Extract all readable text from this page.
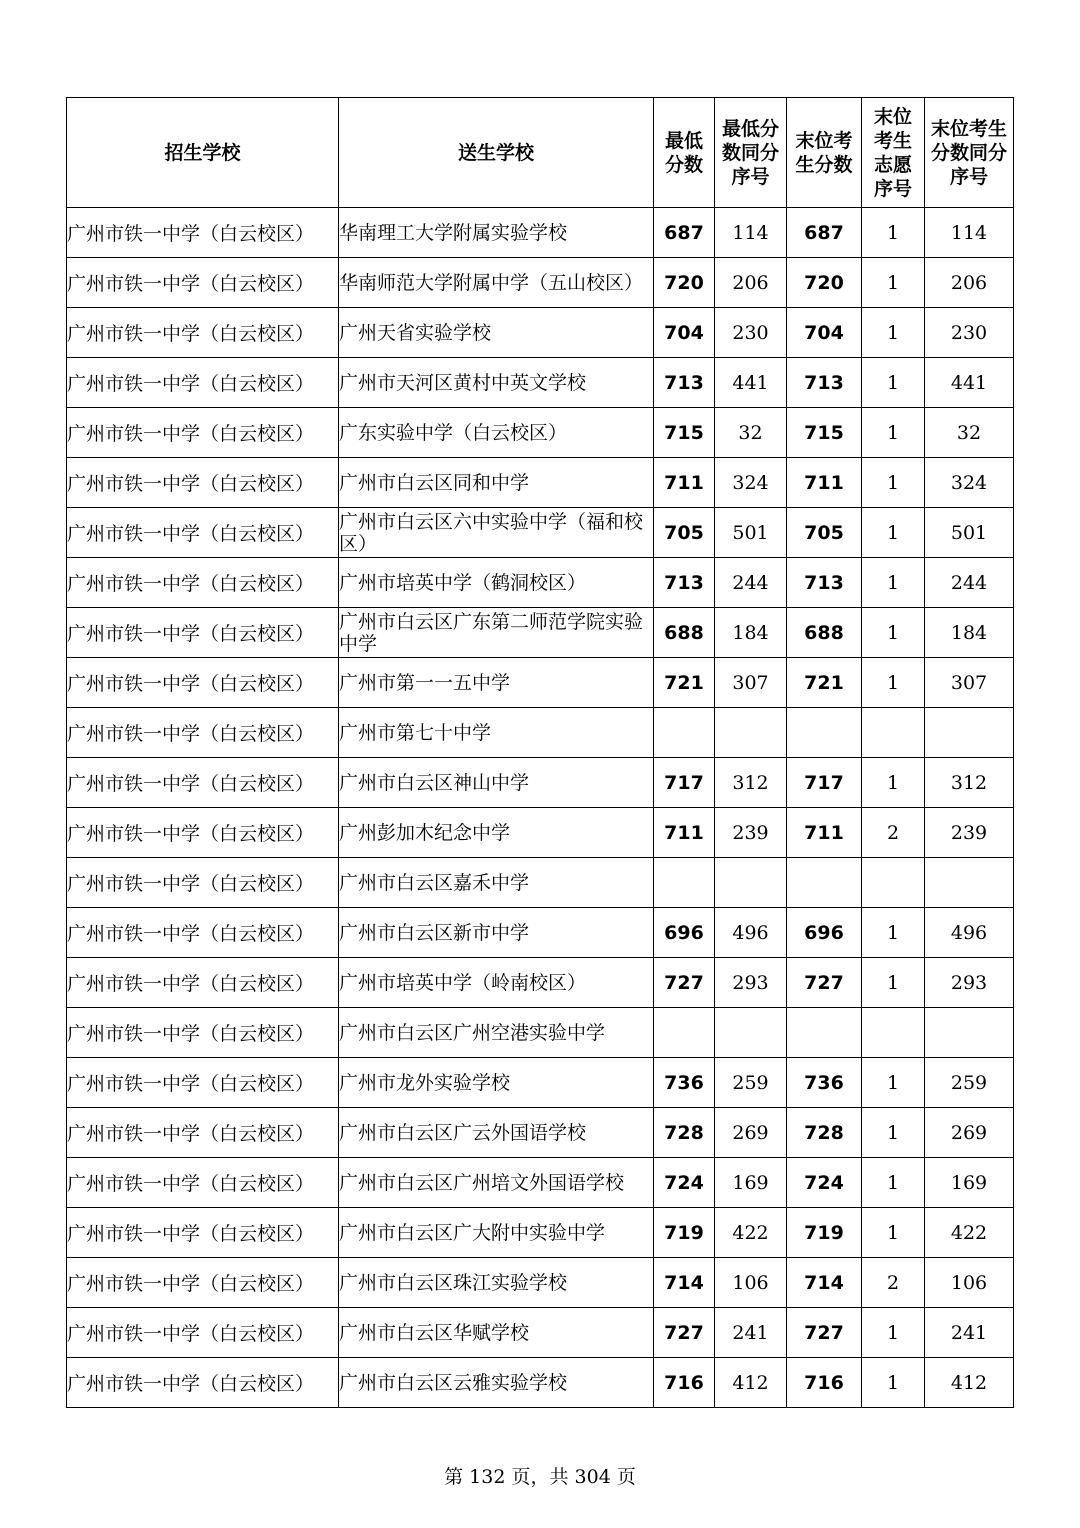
招生学校	送生学校	最低分数	最低分数同分序号	末位考生分数	末位考生志愿序号	末位考生分数同分序号
广州市铁一中学（白云校区）	华南理工大学附属实验学校	687	114	687	1	114
广州市铁一中学（白云校区）	华南师范大学附属中学（五山校区）	720	206	720	1	206
广州市铁一中学（白云校区）	广州天省实验学校	704	230	704	1	230
广州市铁一中学（白云校区）	广州市天河区黄村中英文学校	713	441	713	1	441
广州市铁一中学（白云校区）	广东实验中学（白云校区）	715	32	715	1	32
广州市铁一中学（白云校区）	广州市白云区同和中学	711	324	711	1	324
广州市铁一中学（白云校区）	广州市白云区六中实验中学（福和校区）	705	501	705	1	501
广州市铁一中学（白云校区）	广州市培英中学（鹤洞校区）	713	244	713	1	244
广州市铁一中学（白云校区）	广州市白云区广东第二师范学院实验中学	688	184	688	1	184
广州市铁一中学（白云校区）	广州市第一一五中学	721	307	721	1	307
广州市铁一中学（白云校区）	广州市第七十中学					
广州市铁一中学（白云校区）	广州市白云区神山中学	717	312	717	1	312
广州市铁一中学（白云校区）	广州彭加木纪念中学	711	239	711	2	239
广州市铁一中学（白云校区）	广州市白云区嘉禾中学					
广州市铁一中学（白云校区）	广州市白云区新市中学	696	496	696	1	496
广州市铁一中学（白云校区）	广州市培英中学（岭南校区）	727	293	727	1	293
广州市铁一中学（白云校区）	广州市白云区广州空港实验中学					
广州市铁一中学（白云校区）	广州市龙外实验学校	736	259	736	1	259
广州市铁一中学（白云校区）	广州市白云区广云外国语学校	728	269	728	1	269
广州市铁一中学（白云校区）	广州市白云区广州培文外国语学校	724	169	724	1	169
广州市铁一中学（白云校区）	广州市白云区广大附中实验中学	719	422	719	1	422
广州市铁一中学（白云校区）	广州市白云区珠江实验学校	714	106	714	2	106
广州市铁一中学（白云校区）	广州市白云区华赋学校	727	241	727	1	241
广州市铁一中学（白云校区）	广州市白云区云雅实验学校	716	412	716	1	412
第 132 页，共 304 页
